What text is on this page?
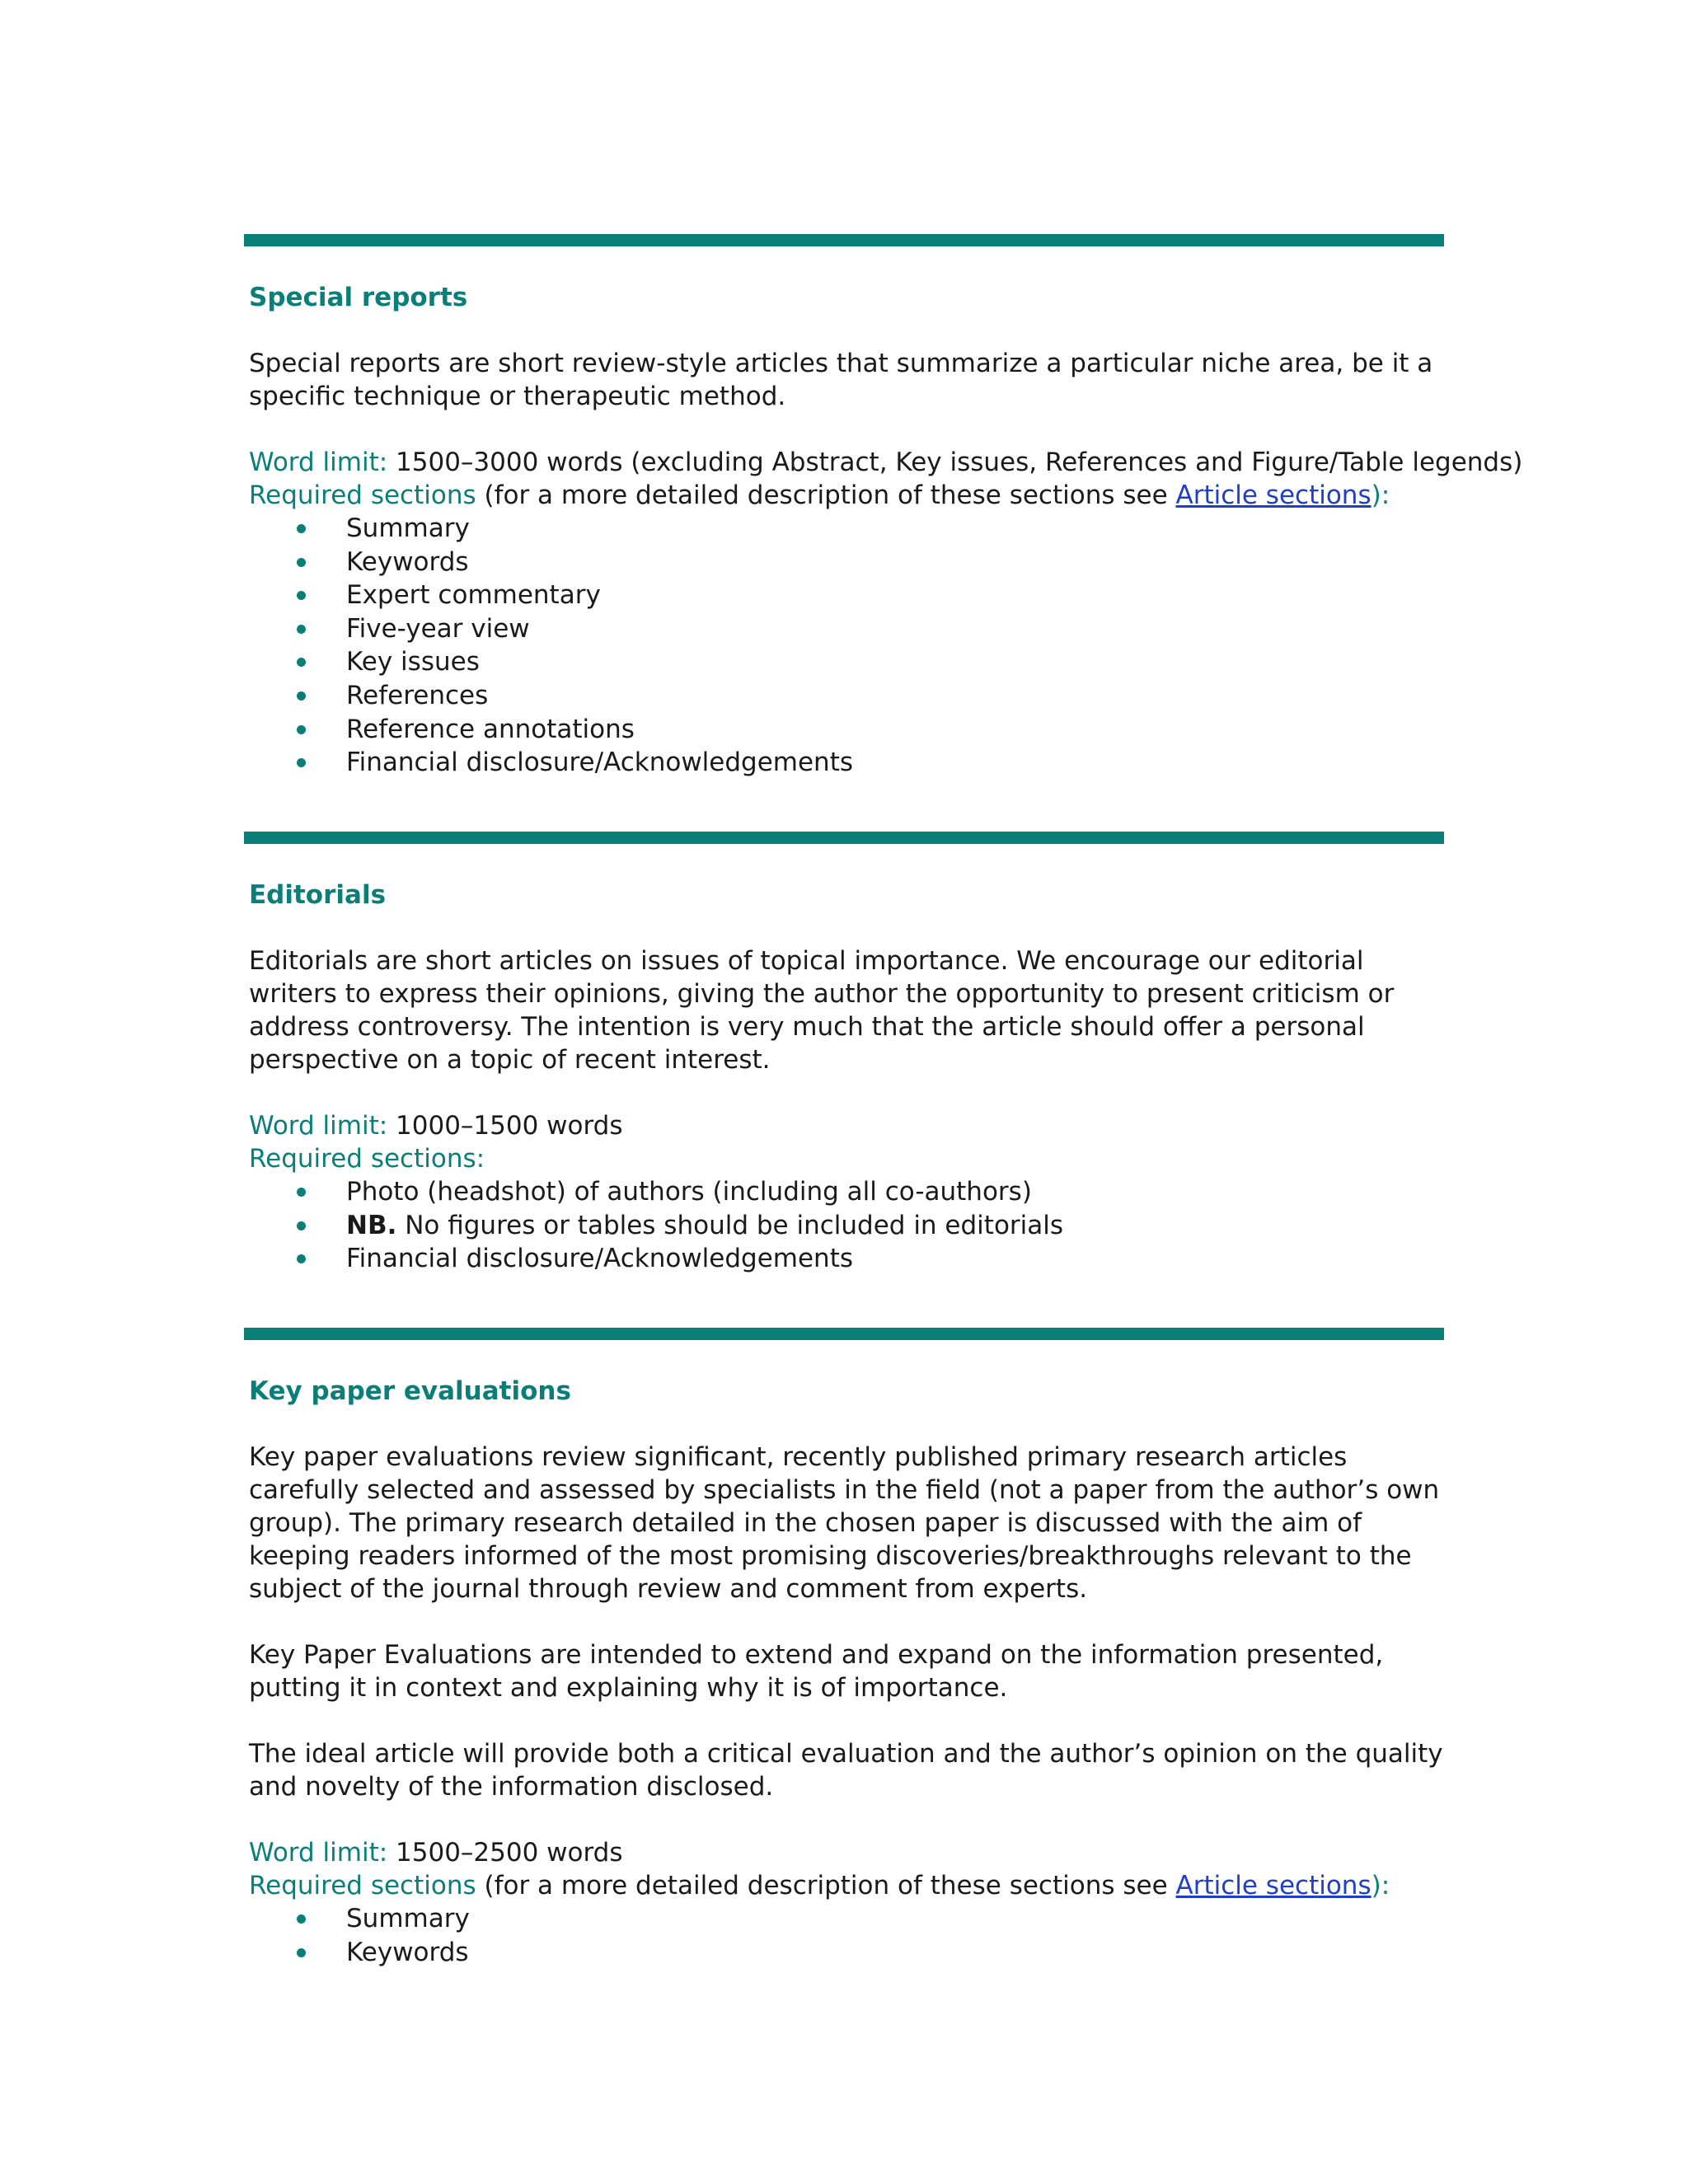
Special reports
Special reports are short review-style articles that summarize a particular niche area, be it a specific technique or therapeutic method.
Word limit: 1500–3000 words (excluding Abstract, Key issues, References and Figure/Table legends)
Required sections (for a more detailed description of these sections see Article sections):
Summary
Keywords
Expert commentary
Five-year view
Key issues
References
Reference annotations
Financial disclosure/Acknowledgements
Editorials
Editorials are short articles on issues of topical importance. We encourage our editorial writers to express their opinions, giving the author the opportunity to present criticism or address controversy. The intention is very much that the article should offer a personal perspective on a topic of recent interest.
Word limit: 1000–1500 words
Required sections:
Photo (headshot) of authors (including all co-authors)
NB. No figures or tables should be included in editorials
Financial disclosure/Acknowledgements
Key paper evaluations
Key paper evaluations review significant, recently published primary research articles carefully selected and assessed by specialists in the field (not a paper from the author’s own group). The primary research detailed in the chosen paper is discussed with the aim of keeping readers informed of the most promising discoveries/breakthroughs relevant to the subject of the journal through review and comment from experts.
Key Paper Evaluations are intended to extend and expand on the information presented, putting it in context and explaining why it is of importance.
The ideal article will provide both a critical evaluation and the author’s opinion on the quality and novelty of the information disclosed.
Word limit: 1500–2500 words
Required sections (for a more detailed description of these sections see Article sections):
Summary
Keywords
